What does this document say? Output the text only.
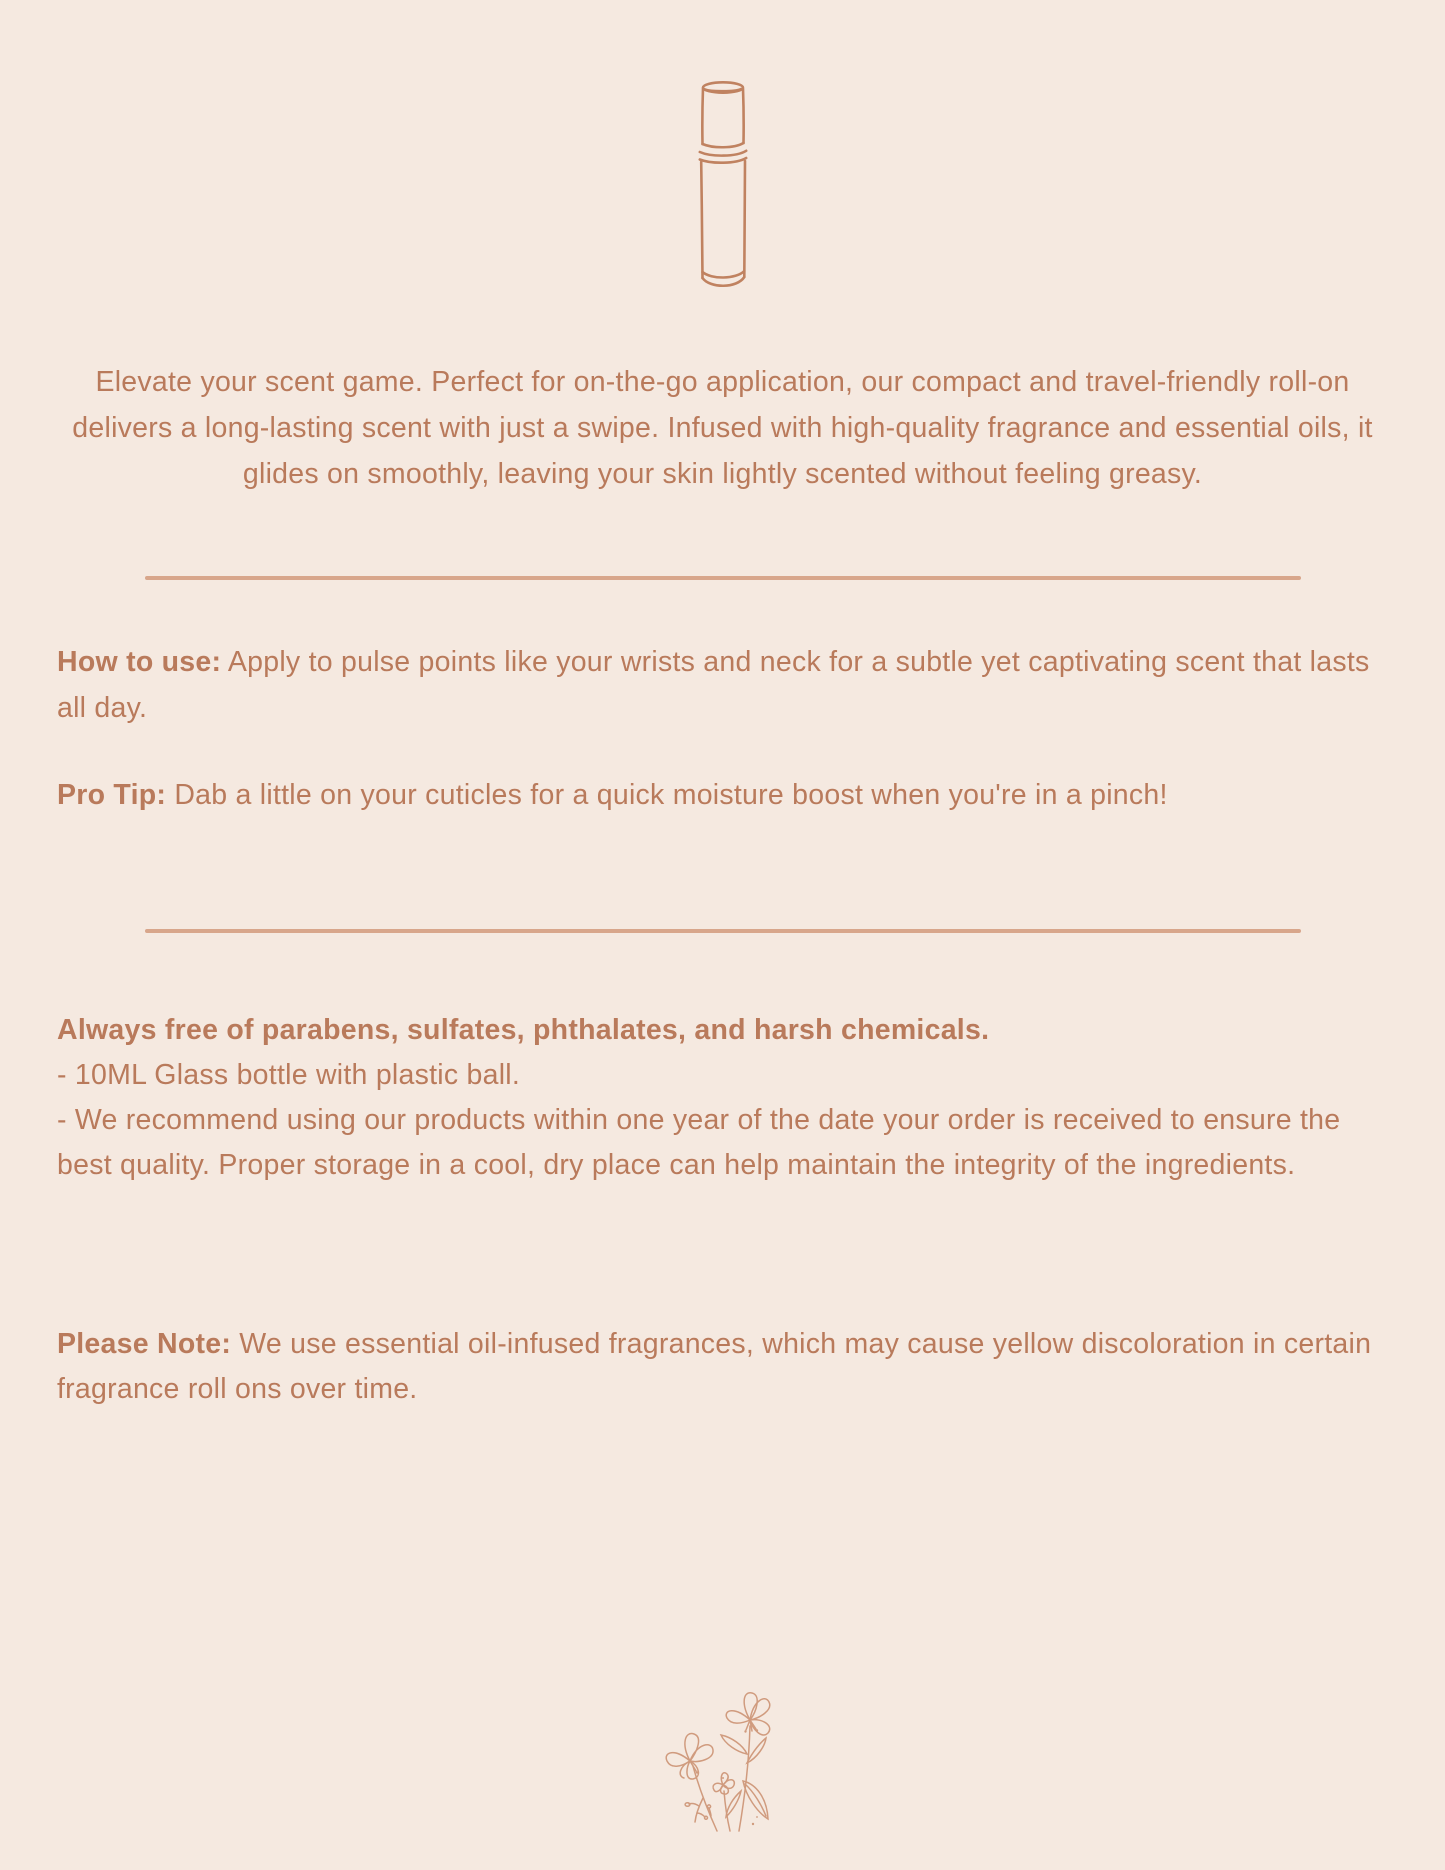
Elevate your scent game. Perfect for on-the-go application, our compact and travel-friendly roll-on delivers a long-lasting scent with just a swipe. Infused with high-quality fragrance and essential oils, it glides on smoothly, leaving your skin lightly scented without feeling greasy.

How to use: Apply to pulse points like your wrists and neck for a subtle yet captivating scent that lasts all day.

Pro Tip: Dab a little on your cuticles for a quick moisture boost when you're in a pinch!

Always free of parabens, sulfates, phthalates, and harsh chemicals.

- 10ML Glass bottle with plastic ball.

- We recommend using our products within one year of the date your order is received to ensure the best quality. Proper storage in a cool, dry place can help maintain the integrity of the ingredients.

Please Note: We use essential oil-infused fragrances, which may cause yellow discoloration in certain fragrance roll ons over time.
